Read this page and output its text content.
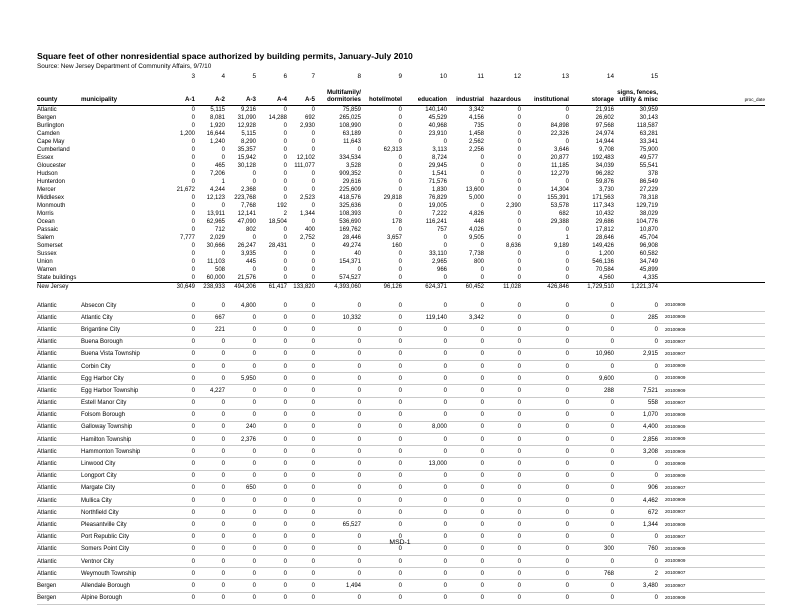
Square feet of other nonresidential space authorized by building permits, January-July 2010
Source: New Jersey Department of Community Affairs, 9/7/10
		3	4	5	6	7	8	9	10	11	12	13	14	15	
							Multifamily/							signs, fences,	
county	municipality	A-1	A-2	A-3	A-4	A-5	dormitories	hotel/motel	education	industrial	hazardous	institutional	storage	utility & misc	proc_date
Atlantic		0	5,115	9,216	0	0	75,859	0	140,140	3,342	0	0	21,916	30,959	
Bergen		0	8,081	31,090	14,288	692	265,025	0	45,529	4,156	0	0	26,602	30,143	
Burlington		0	1,920	12,928	0	2,930	108,990	0	40,968	735	0	84,898	97,568	118,587	
Camden		1,200	16,644	5,115	0	0	63,189	0	23,910	1,458	0	22,326	24,974	63,281	
Cape May		0	1,240	8,290	0	0	11,643	0	0	2,562	0	0	14,944	33,341	
Cumberland		0	0	35,357	0	0	0	62,313	3,113	2,256	0	3,646	9,708	75,900	
Essex		0	0	15,942	0	12,102	334,534	0	8,724	0	0	20,877	192,483	49,577	
Gloucester		0	465	30,128	0	111,077	3,528	0	29,945	0	0	11,185	34,039	55,541	
Hudson		0	7,206	0	0	0	909,352	0	1,541	0	0	12,279	96,282	378	
Hunterdon		0	1	0	0	0	29,616	0	71,576	0	0	0	59,876	86,549	
Mercer		21,672	4,244	2,368	0	0	225,609	0	1,830	13,600	0	14,304	3,730	27,229	
Middlesex		0	12,123	223,768	0	2,523	418,576	29,818	76,829	5,000	0	155,391	171,563	78,318	
Monmouth		0	0	7,768	192	0	325,636	0	19,005	0	2,390	53,578	117,343	129,719	
Morris		0	13,911	12,141	2	1,344	108,393	0	7,222	4,826	0	682	10,432	38,029	
Ocean		0	62,965	47,090	18,504	0	536,690	178	116,241	448	0	29,388	29,686	104,776	
Passaic		0	712	802	0	400	169,762	0	757	4,026	0	0	17,812	10,870	
Salem		7,777	2,029	0	0	2,752	28,446	3,657	0	9,505	0	1	28,646	45,704	
Somerset		0	30,666	26,247	28,431	0	49,274	160	0	0	8,636	9,189	149,426	96,908	
Sussex		0	0	3,935	0	0	40	0	33,110	7,738	0	0	1,200	60,582	
Union		0	11,103	445	0	0	154,371	0	2,965	800	0	0	546,136	34,749	
Warren		0	508	0	0	0	0	0	966	0	0	0	70,584	45,899	
State buildings		0	60,000	21,576	0	0	574,527	0	0	0	0	0	4,560	4,335	
New Jersey		30,649	238,933	494,206	61,417	133,820	4,393,060	96,126	624,371	60,452	11,028	426,846	1,729,510	1,221,374	

Atlantic	Absecon City	0	0	4,800	0	0	0	0	0	0	0	0	0	0	20100909
Atlantic	Atlantic City	0	667	0	0	0	10,332	0	119,140	3,342	0	0	0	285	20100909
Atlantic	Brigantine City	0	221	0	0	0	0	0	0	0	0	0	0	0	20100909
Atlantic	Buena Borough	0	0	0	0	0	0	0	0	0	0	0	0	0	20100907
Atlantic	Buena Vista Township	0	0	0	0	0	0	0	0	0	0	0	10,960	2,915	20100907
Atlantic	Corbin City	0	0	0	0	0	0	0	0	0	0	0	0	0	20100909
Atlantic	Egg Harbor City	0	0	5,950	0	0	0	0	0	0	0	0	9,600	0	20100909
Atlantic	Egg Harbor Township	0	4,227	0	0	0	0	0	0	0	0	0	288	7,521	20100909
Atlantic	Estell Manor City	0	0	0	0	0	0	0	0	0	0	0	0	558	20100907
Atlantic	Folsom Borough	0	0	0	0	0	0	0	0	0	0	0	0	1,070	20100909
Atlantic	Galloway Township	0	0	240	0	0	0	0	8,000	0	0	0	0	4,400	20100909
Atlantic	Hamilton Township	0	0	2,376	0	0	0	0	0	0	0	0	0	2,856	20100909
Atlantic	Hammonton Township	0	0	0	0	0	0	0	0	0	0	0	0	3,208	20100909
Atlantic	Linwood City	0	0	0	0	0	0	0	13,000	0	0	0	0	0	20100909
Atlantic	Longport City	0	0	0	0	0	0	0	0	0	0	0	0	0	20100909
Atlantic	Margate City	0	0	650	0	0	0	0	0	0	0	0	0	906	20100907
Atlantic	Mullica City	0	0	0	0	0	0	0	0	0	0	0	0	4,462	20100909
Atlantic	Northfield City	0	0	0	0	0	0	0	0	0	0	0	0	672	20100907
Atlantic	Pleasantville City	0	0	0	0	0	65,527	0	0	0	0	0	0	1,344	20100909
Atlantic	Port Republic City	0	0	0	0	0	0	0	0	0	0	0	0	0	20100907
Atlantic	Somers Point City	0	0	0	0	0	0	0	0	0	0	0	300	760	20100909
Atlantic	Ventnor City	0	0	0	0	0	0	0	0	0	0	0	0	0	20100909
Atlantic	Weymouth Township	0	0	0	0	0	0	0	0	0	0	0	768	2	20100907
Bergen	Allendale Borough	0	0	0	0	0	1,494	0	0	0	0	0	0	3,480	20100907
Bergen	Alpine Borough	0	0	0	0	0	0	0	0	0	0	0	0	0	20100909
MSD-1
